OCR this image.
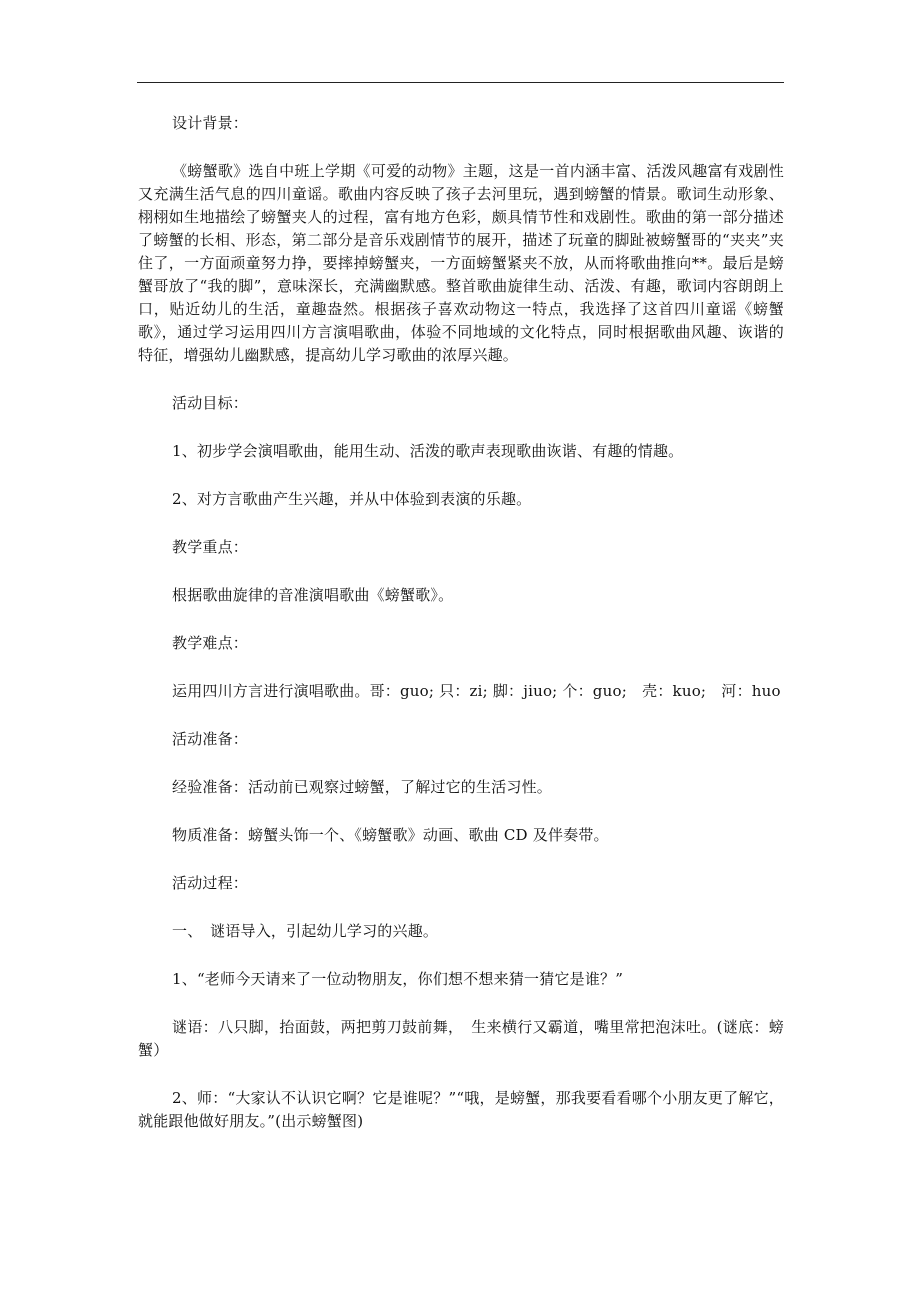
设计背景：

《螃蟹歌》选自中班上学期《可爱的动物》主题，这是一首内涵丰富、活泼风趣富有戏剧性又充满生活气息的四川童谣。歌曲内容反映了孩子去河里玩，遇到螃蟹的情景。歌词生动形象、栩栩如生地描绘了螃蟹夹人的过程，富有地方色彩，颇具情节性和戏剧性。歌曲的第一部分描述了螃蟹的长相、形态，第二部分是音乐戏剧情节的展开，描述了玩童的脚趾被螃蟹哥的“夹夹”夹住了，一方面顽童努力挣，要摔掉螃蟹夹，一方面螃蟹紧夹不放，从而将歌曲推向**。最后是螃蟹哥放了“我的脚”，意味深长，充满幽默感。整首歌曲旋律生动、活泼、有趣，歌词内容朗朗上口，贴近幼儿的生活，童趣盎然。根据孩子喜欢动物这一特点，我选择了这首四川童谣《螃蟹歌》，通过学习运用四川方言演唱歌曲，体验不同地域的文化特点，同时根据歌曲风趣、诙谐的特征，增强幼儿幽默感，提高幼儿学习歌曲的浓厚兴趣。

活动目标：

1、初步学会演唱歌曲，能用生动、活泼的歌声表现歌曲诙谐、有趣的情趣。

2、对方言歌曲产生兴趣，并从中体验到表演的乐趣。

教学重点：

根据歌曲旋律的音准演唱歌曲《螃蟹歌》。

教学难点：

运用四川方言进行演唱歌曲。哥：guo; 只：zi; 脚：jiuo; 个：guo;　壳：kuo;　河：huo

活动准备：

经验准备：活动前已观察过螃蟹，了解过它的生活习性。

物质准备：螃蟹头饰一个、《螃蟹歌》动画、歌曲 CD 及伴奏带。

活动过程：

一、　谜语导入，引起幼儿学习的兴趣。

1、“老师今天请来了一位动物朋友，你们想不想来猜一猜它是谁？”

谜语：八只脚，抬面鼓，两把剪刀鼓前舞，　生来横行又霸道，嘴里常把泡沫吐。(谜底：螃蟹）

2、师：“大家认不认识它啊？它是谁呢？”“哦，是螃蟹，那我要看看哪个小朋友更了解它，就能跟他做好朋友。”(出示螃蟹图)
